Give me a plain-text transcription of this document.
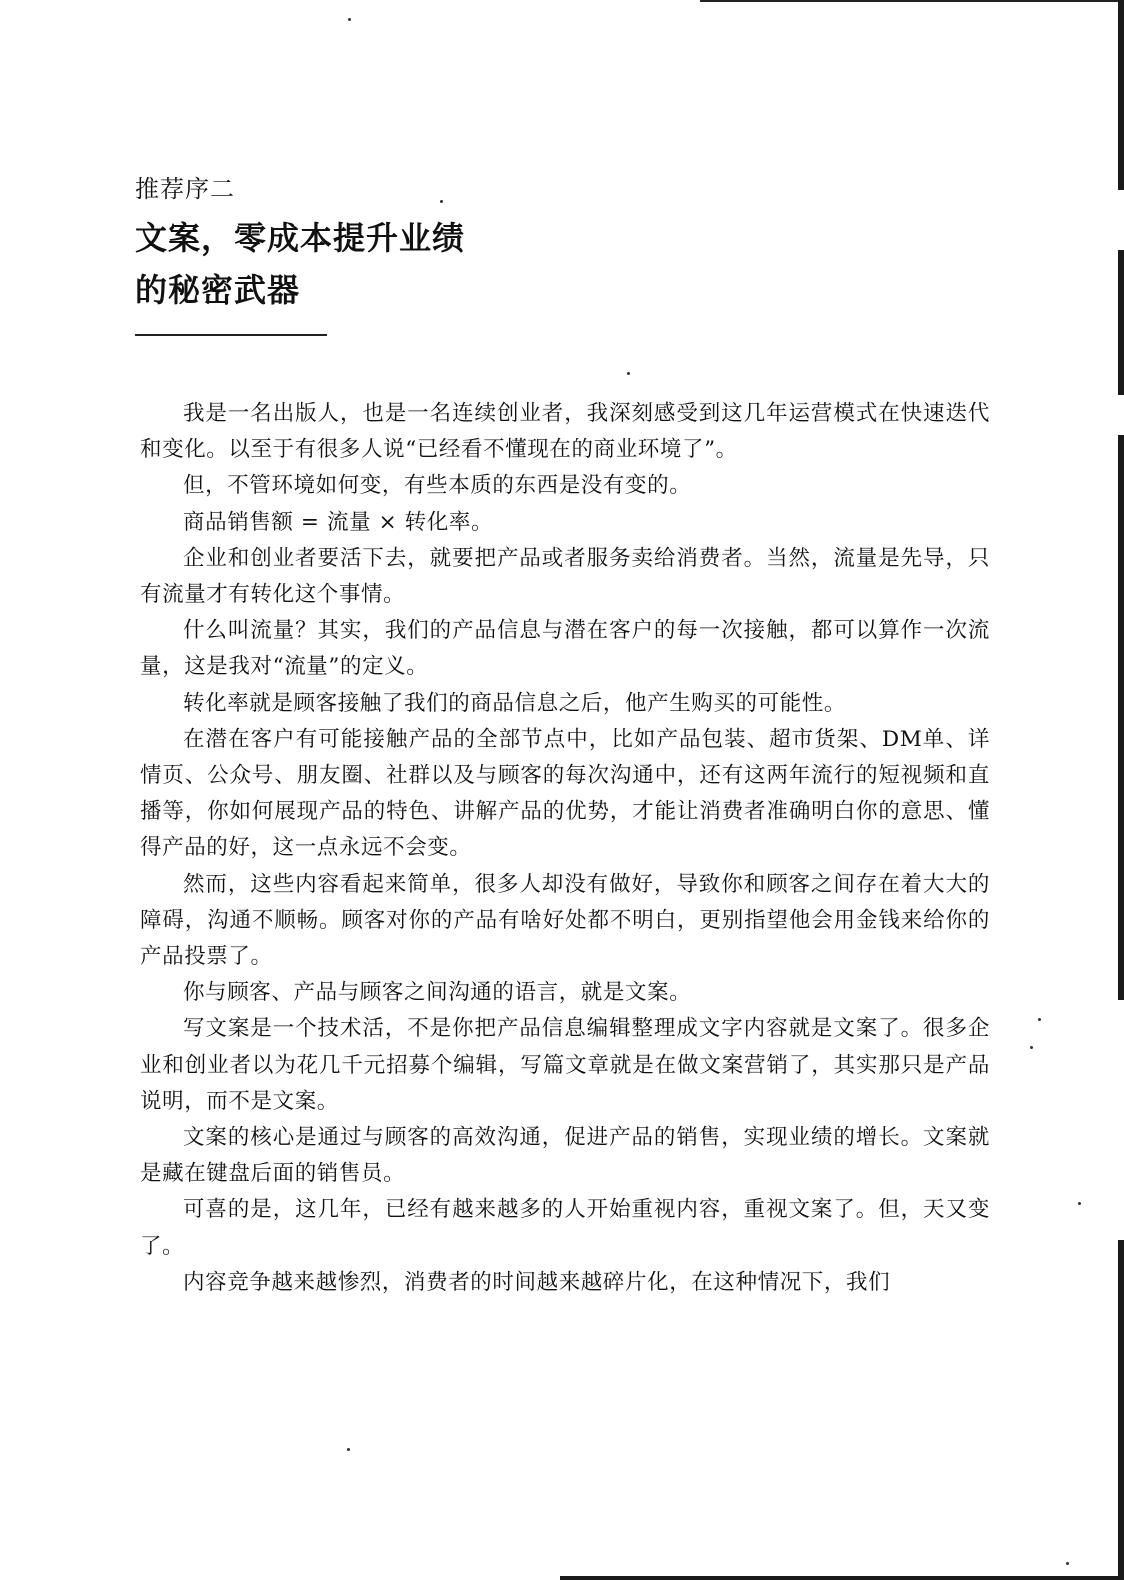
推荐序二
文案，零成本提升业绩的秘密武器

我是一名出版人，也是一名连续创业者，我深刻感受到这几年运营模式在快速迭代和变化。以至于有很多人说“已经看不懂现在的商业环境了”。

但，不管环境如何变，有些本质的东西是没有变的。

商品销售额 = 流量 × 转化率。

企业和创业者要活下去，就要把产品或者服务卖给消费者。当然，流量是先导，只有流量才有转化这个事情。

什么叫流量？其实，我们的产品信息与潜在客户的每一次接触，都可以算作一次流量，这是我对“流量”的定义。

转化率就是顾客接触了我们的商品信息之后，他产生购买的可能性。

在潜在客户有可能接触产品的全部节点中，比如产品包装、超市货架、DM单、详情页、公众号、朋友圈、社群以及与顾客的每次沟通中，还有这两年流行的短视频和直播等，你如何展现产品的特色、讲解产品的优势，才能让消费者准确明白你的意思、懂得产品的好，这一点永远不会变。

然而，这些内容看起来简单，很多人却没有做好，导致你和顾客之间存在着大大的障碍，沟通不顺畅。顾客对你的产品有啥好处都不明白，更别指望他会用金钱来给你的产品投票了。

你与顾客、产品与顾客之间沟通的语言，就是文案。

写文案是一个技术活，不是你把产品信息编辑整理成文字内容就是文案了。很多企业和创业者以为花几千元招募个编辑，写篇文章就是在做文案营销了，其实那只是产品说明，而不是文案。

文案的核心是通过与顾客的高效沟通，促进产品的销售，实现业绩的增长。文案就是藏在键盘后面的销售员。

可喜的是，这几年，已经有越来越多的人开始重视内容，重视文案了。但，天又变了。

内容竞争越来越惨烈，消费者的时间越来越碎片化，在这种情况下，我们
